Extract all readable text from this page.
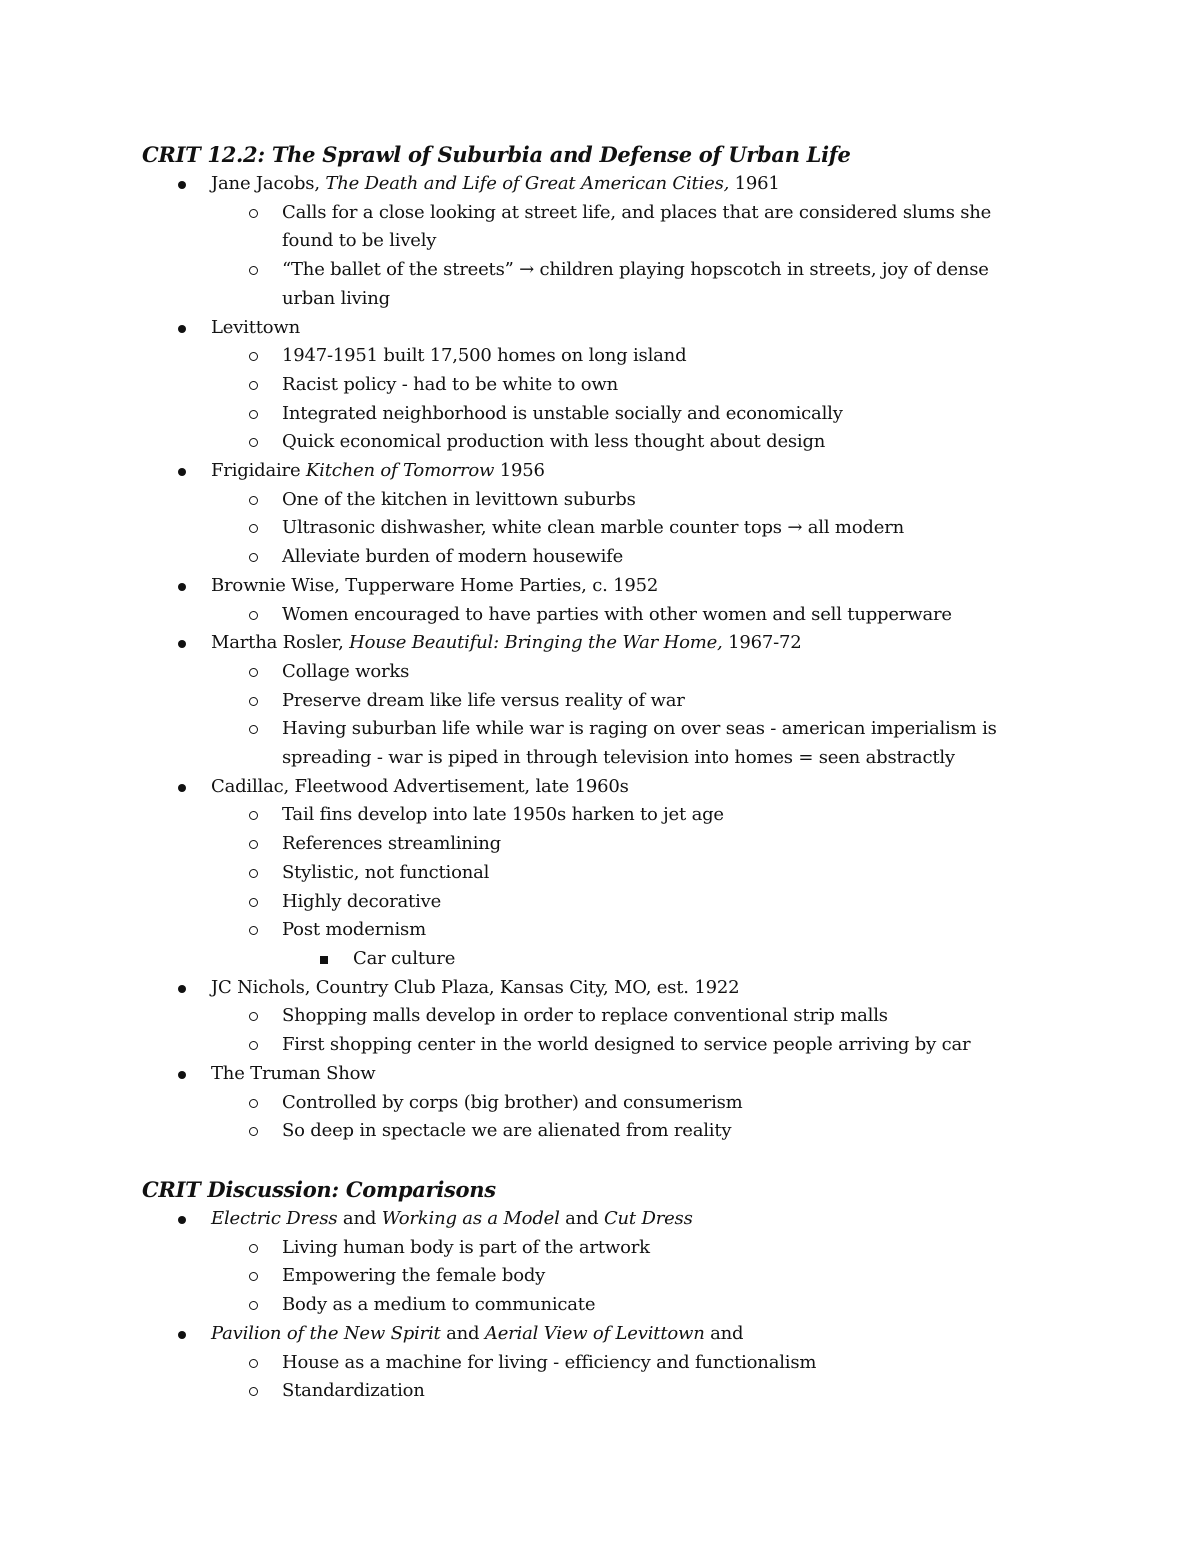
CRIT 12.2: The Sprawl of Suburbia and Defense of Urban Life
Jane Jacobs, The Death and Life of Great American Cities, 1961
Calls for a close looking at street life, and places that are considered slums she found to be lively
“The ballet of the streets” → children playing hopscotch in streets, joy of dense urban living
Levittown
1947-1951 built 17,500 homes on long island
Racist policy - had to be white to own
Integrated neighborhood is unstable socially and economically
Quick economical production with less thought about design
Frigidaire Kitchen of Tomorrow 1956
One of the kitchen in levittown suburbs
Ultrasonic dishwasher, white clean marble counter tops → all modern
Alleviate burden of modern housewife
Brownie Wise, Tupperware Home Parties, c. 1952
Women encouraged to have parties with other women and sell tupperware
Martha Rosler, House Beautiful: Bringing the War Home, 1967-72
Collage works
Preserve dream like life versus reality of war
Having suburban life while war is raging on over seas - american imperialism is spreading - war is piped in through television into homes = seen abstractly
Cadillac, Fleetwood Advertisement, late 1960s
Tail fins develop into late 1950s harken to jet age
References streamlining
Stylistic, not functional
Highly decorative
Post modernism
Car culture
JC Nichols, Country Club Plaza, Kansas City, MO, est. 1922
Shopping malls develop in order to replace conventional strip malls
First shopping center in the world designed to service people arriving by car
The Truman Show
Controlled by corps (big brother) and consumerism
So deep in spectacle we are alienated from reality
CRIT Discussion: Comparisons
Electric Dress and Working as a Model and Cut Dress
Living human body is part of the artwork
Empowering the female body
Body as a medium to communicate
Pavilion of the New Spirit and Aerial View of Levittown and
House as a machine for living - efficiency and functionalism
Standardization
